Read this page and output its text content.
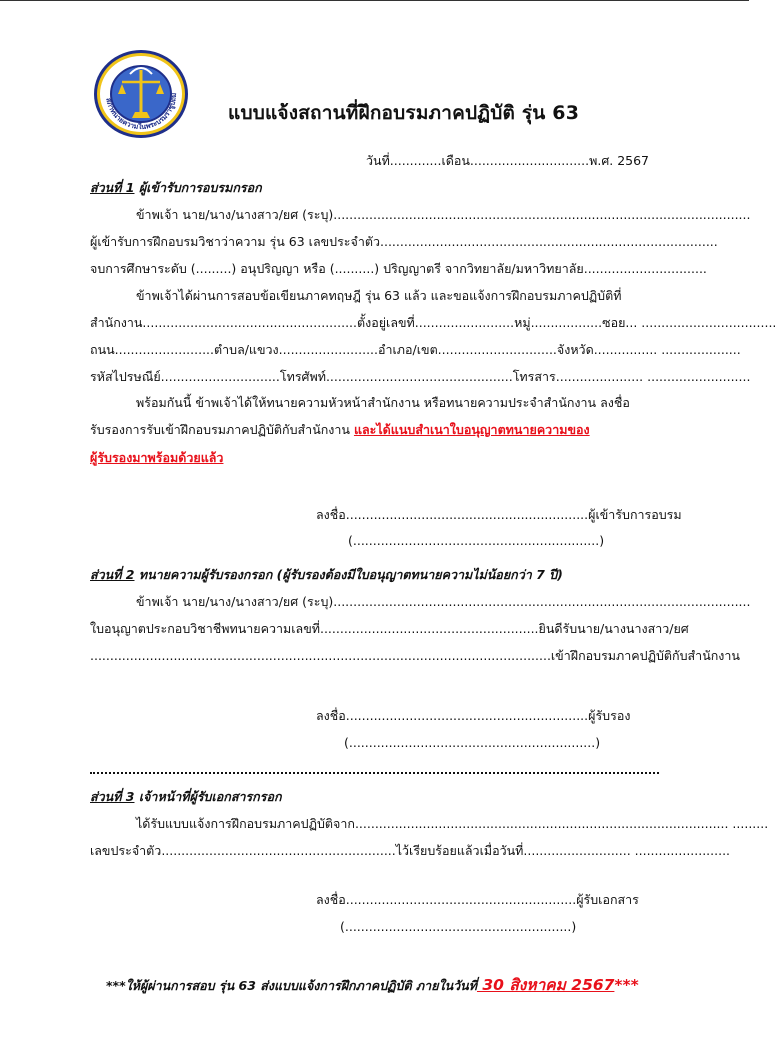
สภาทนายความในพระบรมราชูปถัม
แบบแจ้งสถานที่ฝึกอบรมภาคปฏิบัติ รุ่น 63
วันที่.............เดือน..............................พ.ศ. 2567
ส่วนที่ 1 ผู้เข้ารับการอบรมกรอก
ข้าพเจ้า นาย/นาง/นางสาว/ยศ (ระบุ).........................................................................................................
ผู้เข้ารับการฝึกอบรมวิชาว่าความ รุ่น 63 เลขประจำตัว.....................................................................................
จบการศึกษาระดับ (.........) อนุปริญญา หรือ (..........) ปริญญาตรี จากวิทยาลัย/มหาวิทยาลัย...............................
ข้าพเจ้าได้ผ่านการสอบข้อเขียนภาคทฤษฎี รุ่น 63 แล้ว และขอแจ้งการฝึกอบรมภาคปฏิบัติที่
สำนักงาน......................................................ตั้งอยู่เลขที่.........................หมู่..................ซอย... ..................................
ถนน.........................ตำบล/แขวง.........................อำเภอ/เขต..............................จังหวัด................ ....................
รหัสไปรษณีย์..............................โทรศัพท์...............................................โทรสาร...................... ..........................
พร้อมกันนี้ ข้าพเจ้าได้ให้ทนายความหัวหน้าสำนักงาน หรือทนายความประจำสำนักงาน ลงชื่อ
รับรองการรับเข้าฝึกอบรมภาคปฏิบัติกับสำนักงาน และได้แนบสำเนาใบอนุญาตทนายความของ
ผู้รับรองมาพร้อมด้วยแล้ว
ลงชื่อ.............................................................ผู้เข้ารับการอบรม
(..............................................................)
ส่วนที่ 2 ทนายความผู้รับรองกรอก (ผู้รับรองต้องมีใบอนุญาตทนายความไม่น้อยกว่า 7 ปี)
ข้าพเจ้า นาย/นาง/นางสาว/ยศ (ระบุ).........................................................................................................
ใบอนุญาตประกอบวิชาชีพทนายความเลขที่.......................................................ยินดีรับนาย/นางนางสาว/ยศ
....................................................................................................................เข้าฝึกอบรมภาคปฏิบัติกับสำนักงาน
ลงชื่อ.............................................................ผู้รับรอง
(..............................................................)
ส่วนที่ 3 เจ้าหน้าที่ผู้รับเอกสารกรอก
ได้รับแบบแจ้งการฝึกอบรมภาคปฏิบัติจาก.............................................................................................. .........
เลขประจำตัว...........................................................ไว้เรียบร้อยแล้วเมื่อวันที่........................... ........................
ลงชื่อ..........................................................ผู้รับเอกสาร
(.........................................................)
***ให้ผู้ผ่านการสอบ รุ่น 63 ส่งแบบแจ้งการฝึกภาคปฏิบัติ ภายในวันที่ 30 สิงหาคม 2567***
